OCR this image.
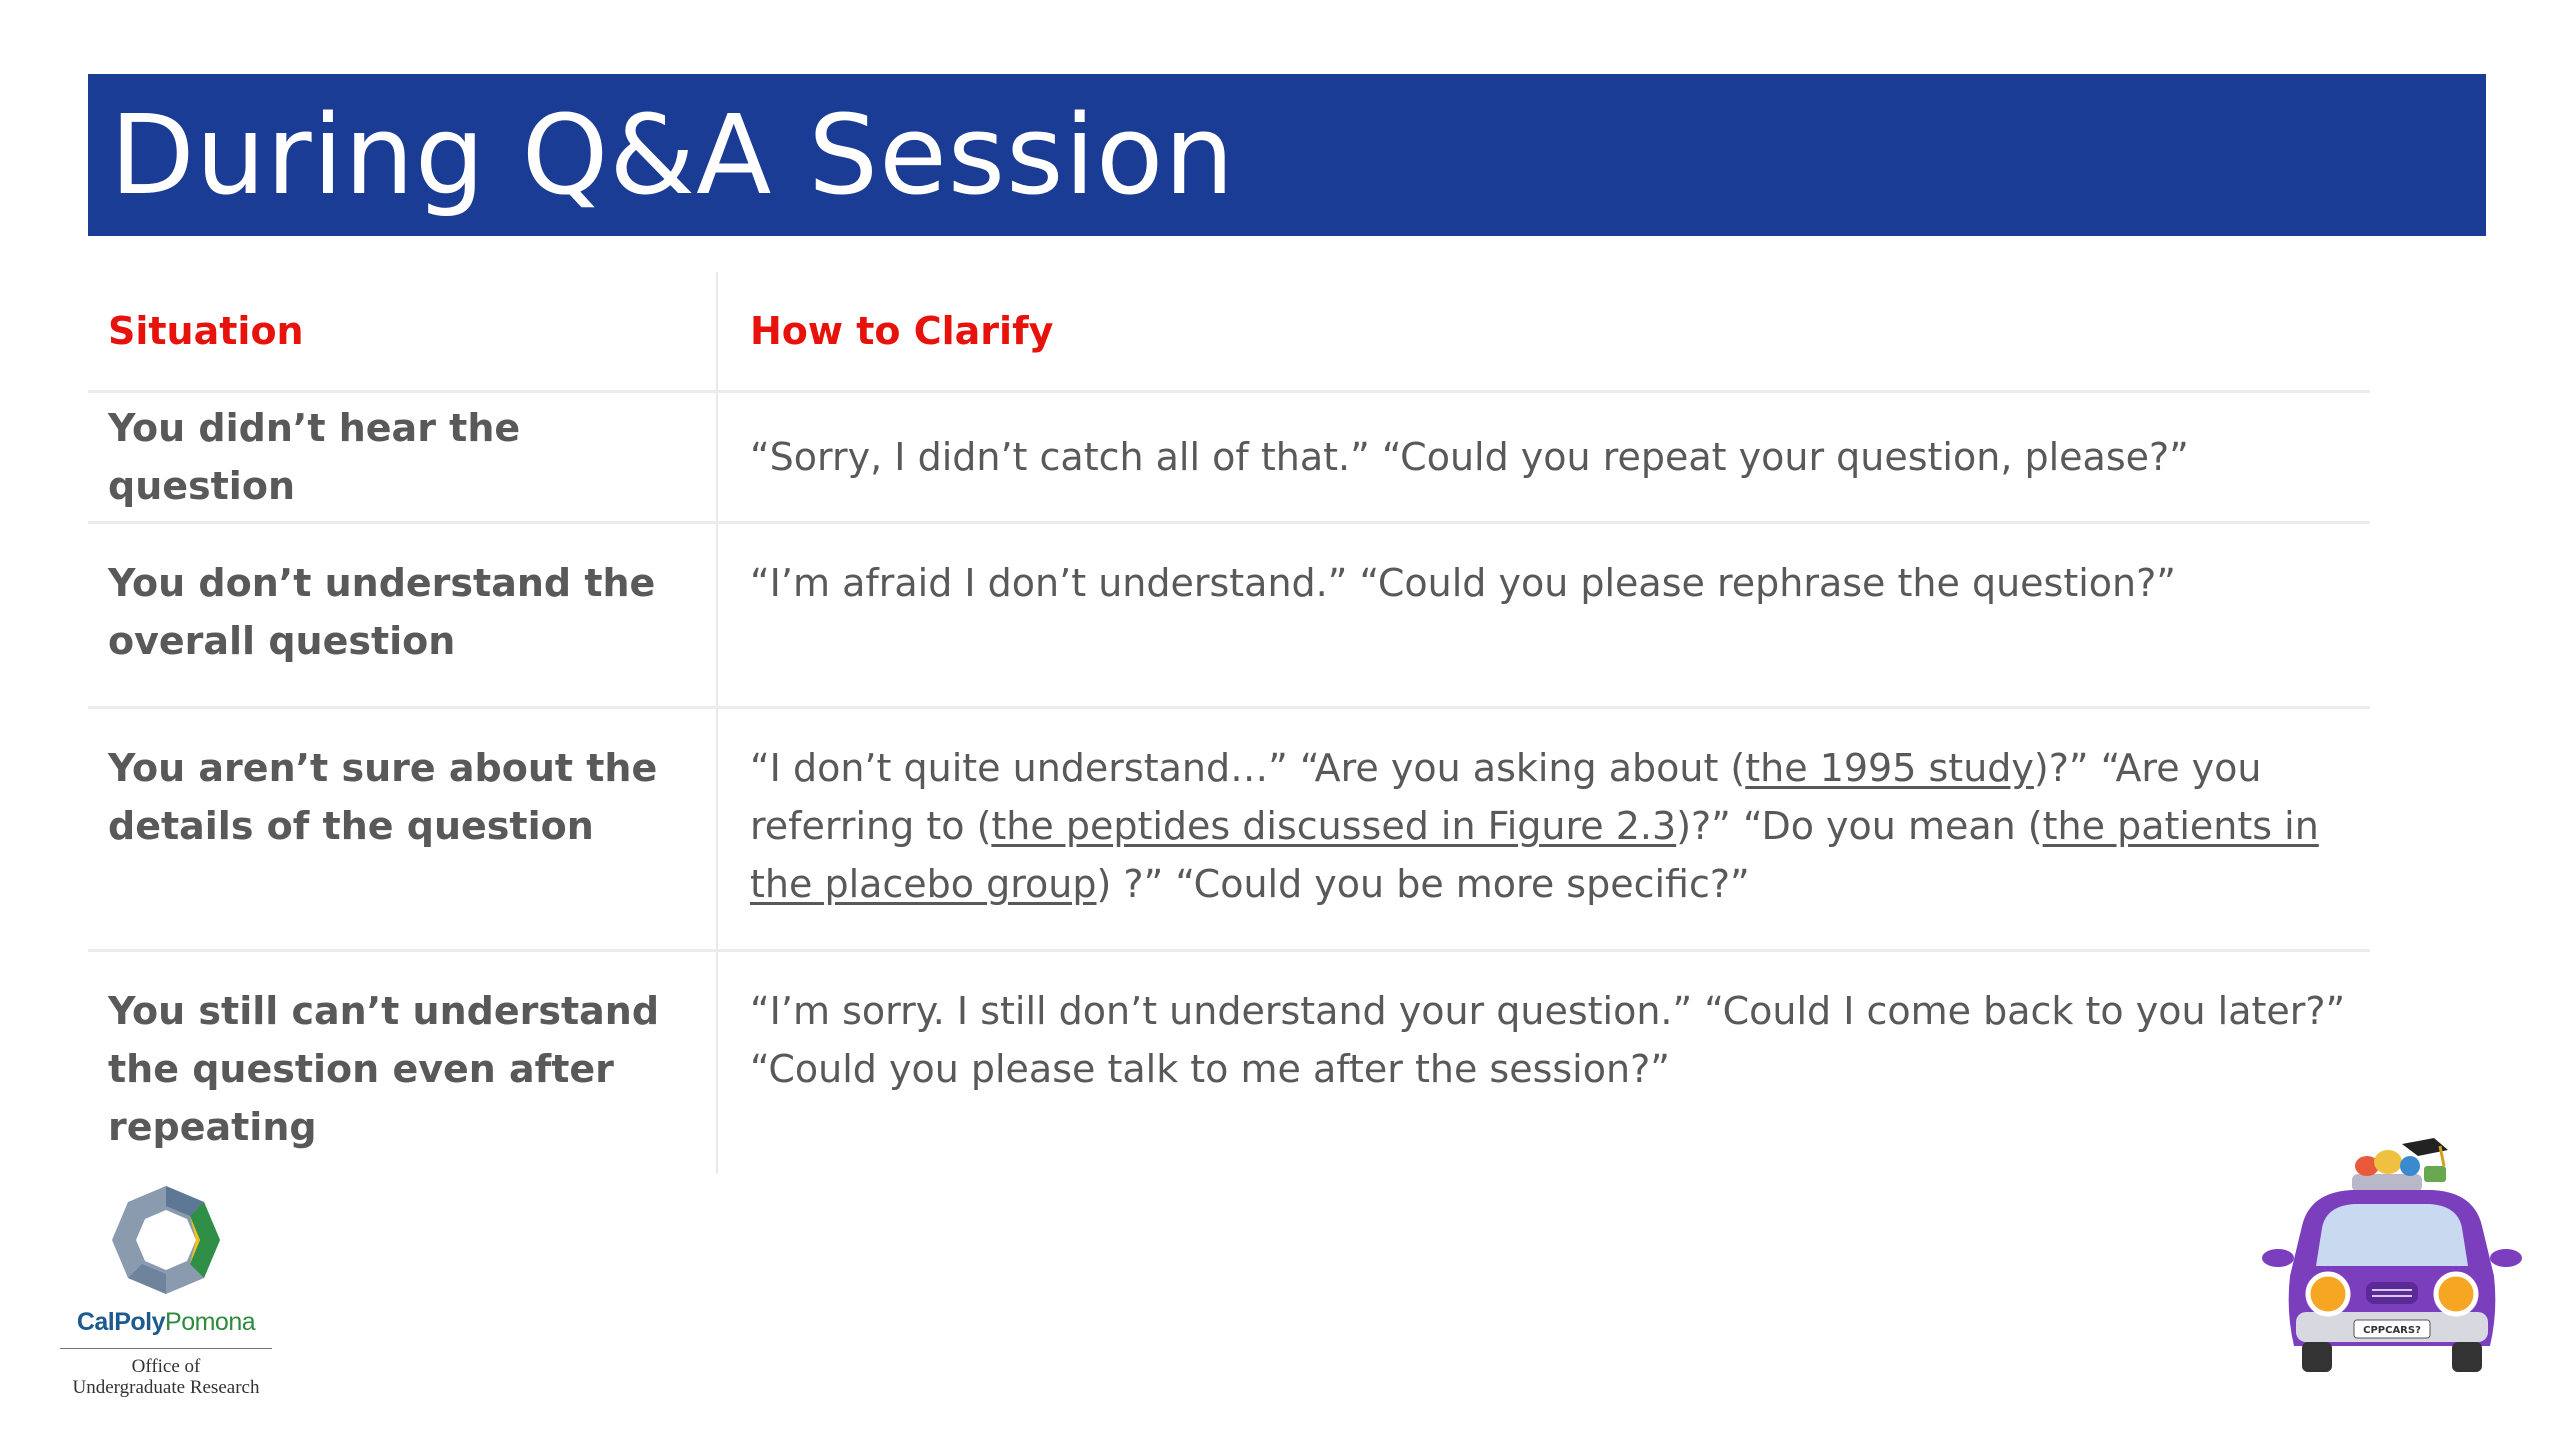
During Q&A Session
Situation	How to Clarify
You didn’t hear the question	“Sorry, I didn’t catch all of that.” “Could you repeat your question, please?”
You don’t understand the overall question	“I’m afraid I don’t understand.” “Could you please rephrase the question?”
You aren’t sure about the details of the question	“I don’t quite understand…” “Are you asking about (the 1995 study)?” “Are you referring to (the peptides discussed in Figure 2.3)?” “Do you mean (the patients in the placebo group) ?” “Could you be more specific?”
You still can’t understand the question even after repeating	“I’m sorry. I still don’t understand your question.” “Could I come back to you later?” “Could you please talk to me after the session?”
CalPolyPomona
Office of
Undergraduate Research
CPPCARS?
